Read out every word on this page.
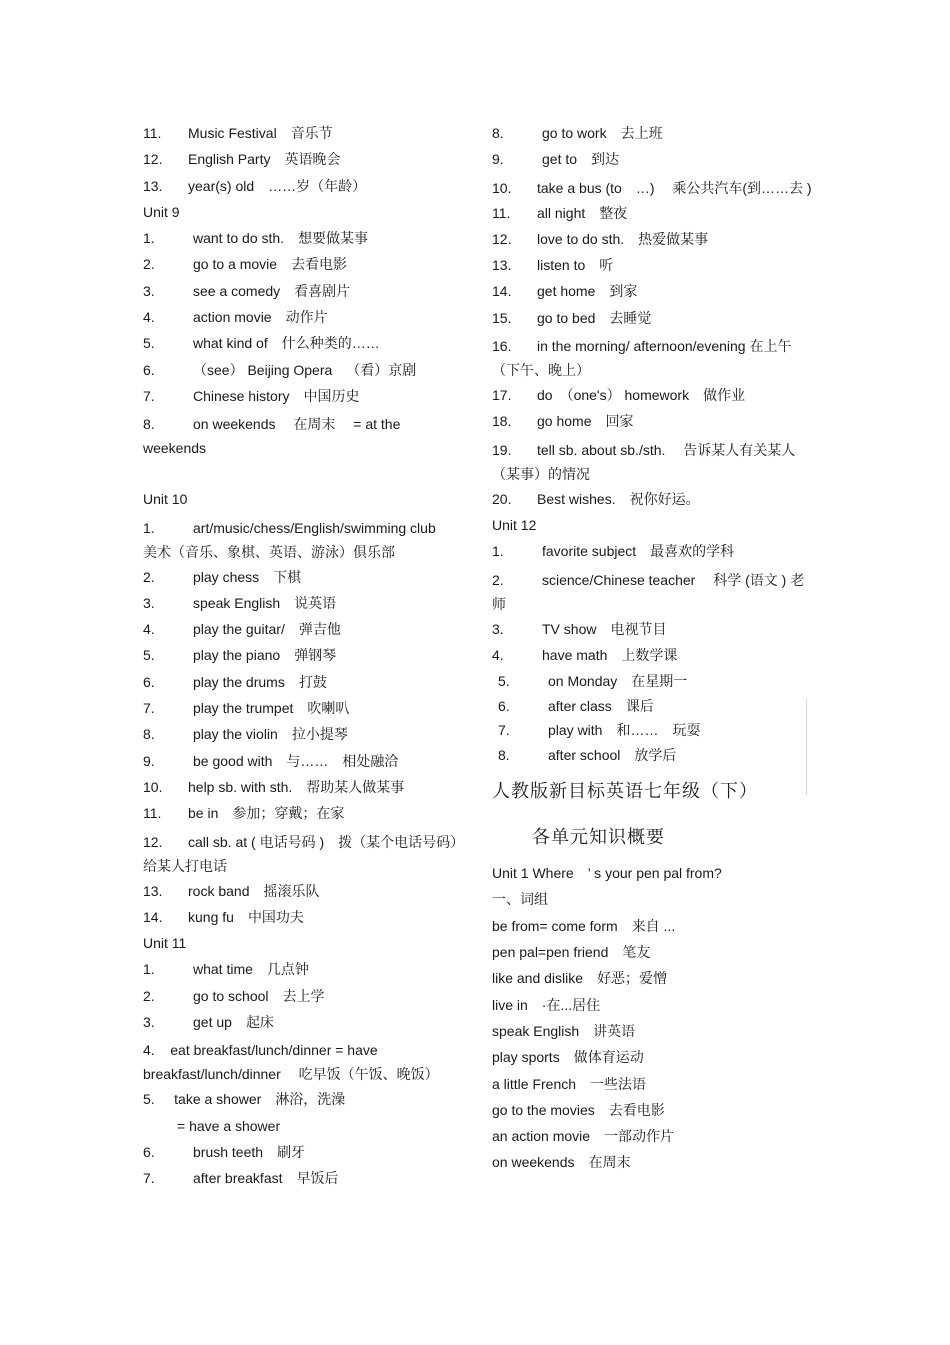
11. Music Festival 音乐节
12. English Party 英语晚会
13. year(s) old ……岁（年龄）
Unit 9
1.	want to do sth. 想要做某事
2.	go to a movie 去看电影
3.	see a comedy 看喜剧片
4.	action movie 动作片
5.	what kind of 什么种类的……
6.	（see） Beijing Opera （看）京剧
7.	Chinese history 中国历史
8.	on weekends　 在周末　 = at the weekends
Unit 10
1.	art/music/chess/English/swimming club　美术（音乐、象棋、英语、游泳）俱乐部
2.	play chess 下棋
3.	speak English 说英语
4.	play the guitar/ 弹吉他
5.	play the piano 弹钢琴
6.	play the drums 打鼓
7.	play the trumpet 吹喇叭
8.	play the violin 拉小提琴
9.	be good with 与……　相处融洽
10. help sb. with sth. 帮助某人做某事
11. be in 参加；穿戴；在家
12. call sb. at ( 电话号码 )　拨（某个电话号码）给某人打电话
13. rock band 摇滚乐队
14. kung fu 中国功夫
Unit 11
1.	what time 几点钟
2.	go to school 去上学
3.	get up 起床
4. eat breakfast/lunch/dinner = have breakfast/lunch/dinner　 吃早饭（午饭、晚饭）
5. take a shower 淋浴，洗澡
= have a shower
6.	brush teeth 刷牙
7.	after breakfast 早饭后
8.	go to work 去上班
9.	get to 到达
10. take a bus (to　…)　 乘公共汽车(到……去 )
11. all night 整夜
12. love to do sth. 热爱做某事
13. listen to 听
14. get home 到家
15. go to bed 去睡觉
16. in the morning/ afternoon/evening 在上午（下午、晚上）
17. do　（one's） homework 做作业
18. go home 回家
19. tell sb. about sb./sth.　 告诉某人有关某人（某事）的情况
20. Best wishes. 祝你好运。
Unit 12
1.	favorite subject 最喜欢的学科
2.	science/Chinese teacher　 科学 (语文 ) 老师
3.	TV show 电视节目
4.	have math 上数学课
5.	on Monday 在星期一
6.	after class 课后
7.	play with 和……　玩耍
8.	after school 放学后
人教版新目标英语七年级（下）
各单元知识概要
Unit 1 Where　’ s your pen pal from?
一、词组
be from= come form 来自 ...
pen pal=pen friend 笔友
like and dislike 好恶；爱憎
live in ·在...居住
speak English 讲英语
play sports 做体育运动
a little French 一些法语
go to the movies 去看电影
an action movie 一部动作片
on weekends 在周末
